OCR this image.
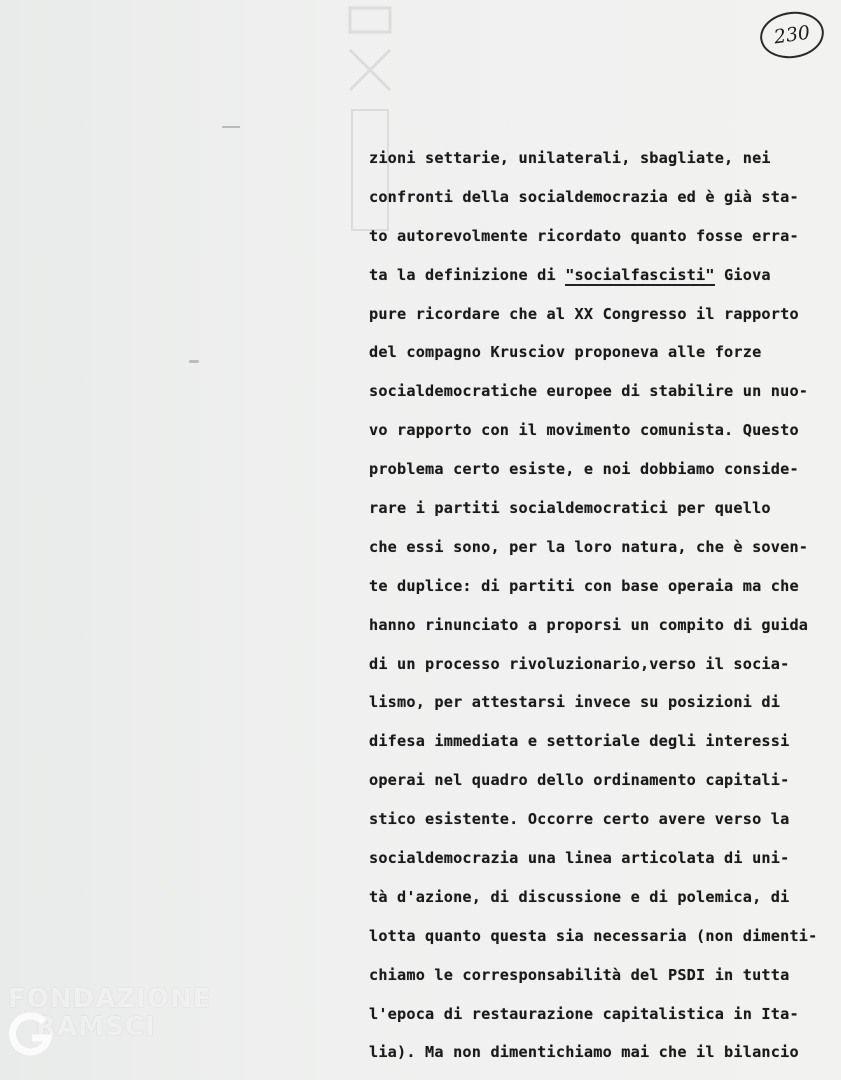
230
zioni settarie, unilaterali, sbagliate, nei
confronti della socialdemocrazia ed è già sta-
to autorevolmente ricordato quanto fosse erra-
ta la definizione di "socialfascisti" Giova
pure ricordare che al XX Congresso il rapporto
del compagno Krusciov proponeva alle forze
socialdemocratiche europee di stabilire un nuo-
vo rapporto con il movimento comunista. Questo
problema certo esiste, e noi dobbiamo conside-
rare i partiti socialdemocratici per quello
che essi sono, per la loro natura, che è soven-
te duplice: di partiti con base operaia ma che
hanno rinunciato a proporsi un compito di guida
di un processo rivoluzionario,verso il socia-
lismo, per attestarsi invece su posizioni di
difesa immediata e settoriale degli interessi
operai nel quadro dello ordinamento capitali-
stico esistente. Occorre certo avere verso la
socialdemocrazia una linea articolata di uni-
tà d'azione, di discussione e di polemica, di
lotta quanto questa sia necessaria (non dimenti-
chiamo le corresponsabilità del PSDI in tutta
l'epoca di restaurazione capitalistica in Ita-
lia). Ma non dimentichiamo mai che il bilancio
FONDAZIONE
RAMSCI
